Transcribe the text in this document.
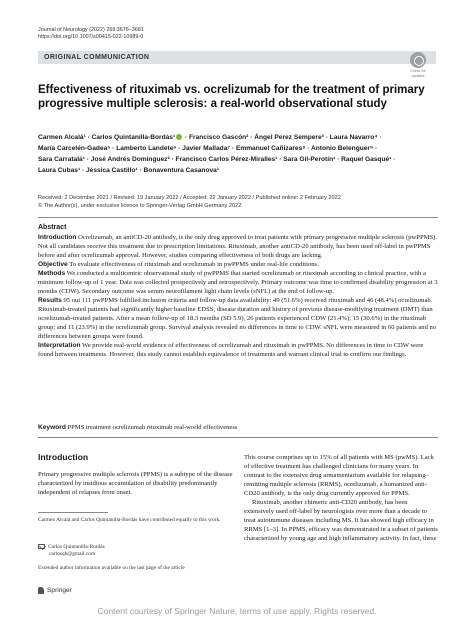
Journal of Neurology (2022) 269:3676–3681
https://doi.org/10.1007/s00415-022-10989-0
ORIGINAL COMMUNICATION
Check for
updates
Effectiveness of rituximab vs. ocrelizumab for the treatment of primary progressive multiple sclerosis: a real-world observational study
Carmen Alcalá¹ · Carlos Quintanilla-Bordás¹ · Francisco Gascón² · Ángel Perez Sempere³ · Laura Navarro⁴ ·
María Carcelén-Gadea⁵ · Lamberto Landete⁶ · Javier Mallada⁷ · Emmanuel Cañizares⁸ · Antonio Belenguer⁹ ·
Sara Carratalá¹ · José Andrés Dominguez² · Francisco Carlos Pérez-Miralles¹ · Sara Gil-Perotín¹ · Raquel Gasqué¹ ·
Laura Cubas¹ · Jéssica Castillo¹ · Bonaventura Casanova¹
Received: 2 December 2021 / Revised: 19 January 2022 / Accepted: 22 January 2022 / Published online: 2 February 2022
© The Author(s), under exclusive licence to Springer-Verlag GmbH Germany 2022
Abstract

Introduction Ocrelizumab, an antiCD-20 antibody, is the only drug approved to treat patients with primary progressive multiple sclerosis (pwPPMS). Not all candidates receive this treatment due to prescription limitations. Rituximab, another antiCD-20 antibody, has been used off-label in pwPPMS before and after ocrelizumab approval. However, studies comparing effectiveness of both drugs are lacking.

Objective To evaluate effectiveness of rituximab and ocrelizumab in pwPPMS under real-life conditions.

Methods We conducted a multicentric observational study of pwPPMS that started ocrelizumab or rituximab according to clinical practice, with a minimum follow-up of 1 year. Data was collected prospectively and retrospectively. Primary outcome was time to confirmed disability progression at 3 months (CDW). Secondary outcome was serum neurofilament light chain levels (sNFL) at the end of follow-up.

Results 95 out 111 pwPPMS fulfilled inclusion criteria and follow-up data availability: 49 (51.6%) received rituximab and 46 (48.4%) ocrelizumab. Rituximab-treated patients had significantly higher baseline EDSS, disease duration and history of previous disease-modifying treatment (DMT) than ocrelizumab-treated patients. After a mean follow-up of 18.3 months (SD 5.9), 26 patients experienced CDW (21.4%); 15 (30.6%) in the rituximab group; and 11 (23.9%) in the ocrelizumab group. Survival analysis revealed no differences in time to CDW. sNFL were measured in 60 patients and no differences between groups were found.

Interpretation We provide real-world evidence of effectiveness of ocrelizumab and rituximab in pwPPMS. No differences in time to CDW were found between treatments. However, this study cannot establish equivalence of treatments and warrant clinical trial to confirm our findings.

Keyword PPMS treatment ocrelizumab rituximab real-world effectiveness
Introduction

Primary progressive multiple sclerosis (PPMS) is a subtype of the disease characterized by insidious accumulation of disability predominantly independent of relapses from onset.

This course comprises up to 15% of all patients with MS (pwMS). Lack of effective treatment has challenged clinicians for many years. In contrast to the extensive drug armamentarium available for relapsing–remitting multiple sclerosis (RRMS), ocrelizumab, a humanized anti-CD20 antibody, is the only drug currently approved for PPMS.

Rituximab, another chimeric anti-CD20 antibody, has been extensively used off-label by neurologists over more than a decade to treat autoimmune diseases including MS. It has showed high efficacy in RRMS [1–3]. In PPMS, efficacy was demonstrated in a subset of patients characterized by young age and high inflammatory activity. In fact, these

Carmen Alcalá and Carlos Quintanilla-Bordás have contributed equally to this work.
Carlos Quintanilla-Bordás
carlosqb@gmail.com
Extended author information available on the last page of the article
Springer
Content courtesy of Springer Nature, terms of use apply. Rights reserved.
